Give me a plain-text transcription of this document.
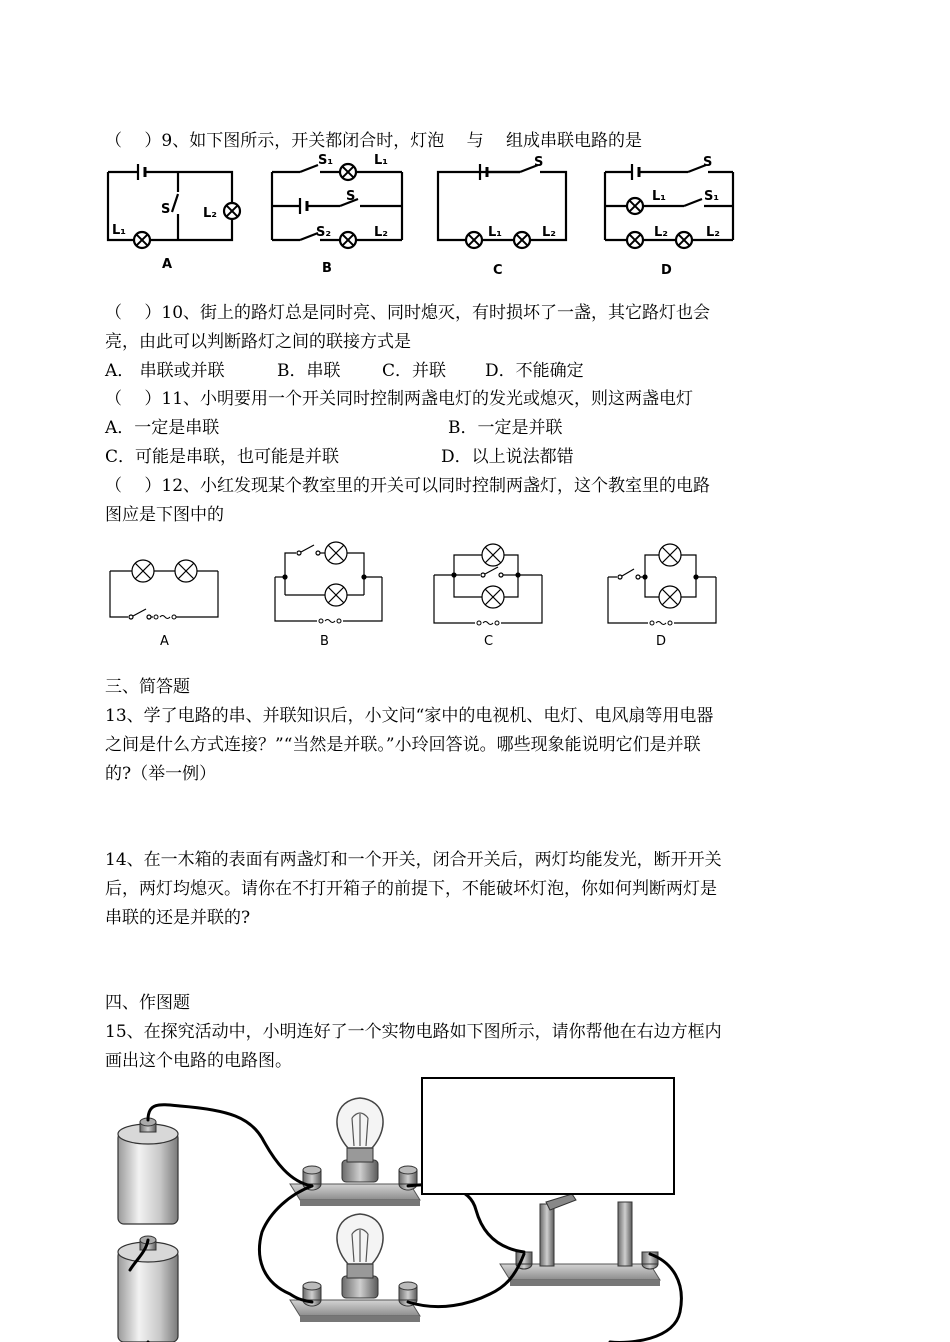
（　 ）9、如下图所示，开关都闭合时，灯泡　 与　 组成串联电路的是
L₁
S	L₂
A
S₁	L₁
S
S₂	L₂
B
S
L₁	L₂
C
S
L₁	S₁
L₂	L₂
D
（　 ）10、街上的路灯总是同时亮、同时熄灭，有时损坏了一盏，其它路灯也会
亮，由此可以判断路灯之间的联接方式是
A． 串联或并联	B．串联 C．并联 D．不能确定
（　 ）11、小明要用一个开关同时控制两盏电灯的发光或熄灭，则这两盏电灯
A．一定是串联	B．一定是并联
C．可能是串联，也可能是并联	D．以上说法都错
（　 ）12、小红发现某个教室里的开关可以同时控制两盏灯，这个教室里的电路
图应是下图中的
A	B	C	D
三、简答题
13、学了电路的串、并联知识后，小文问“家中的电视机、电灯、电风扇等用电器
之间是什么方式连接？”“当然是并联。”小玲回答说。哪些现象能说明它们是并联
的?（举一例）
14、在一木箱的表面有两盏灯和一个开关，闭合开关后，两灯均能发光，断开开关
后，两灯均熄灭。请你在不打开箱子的前提下，不能破坏灯泡，你如何判断两灯是
串联的还是并联的?
四、作图题
15、在探究活动中，小明连好了一个实物电路如下图所示，请你帮他在右边方框内
画出这个电路的电路图。
